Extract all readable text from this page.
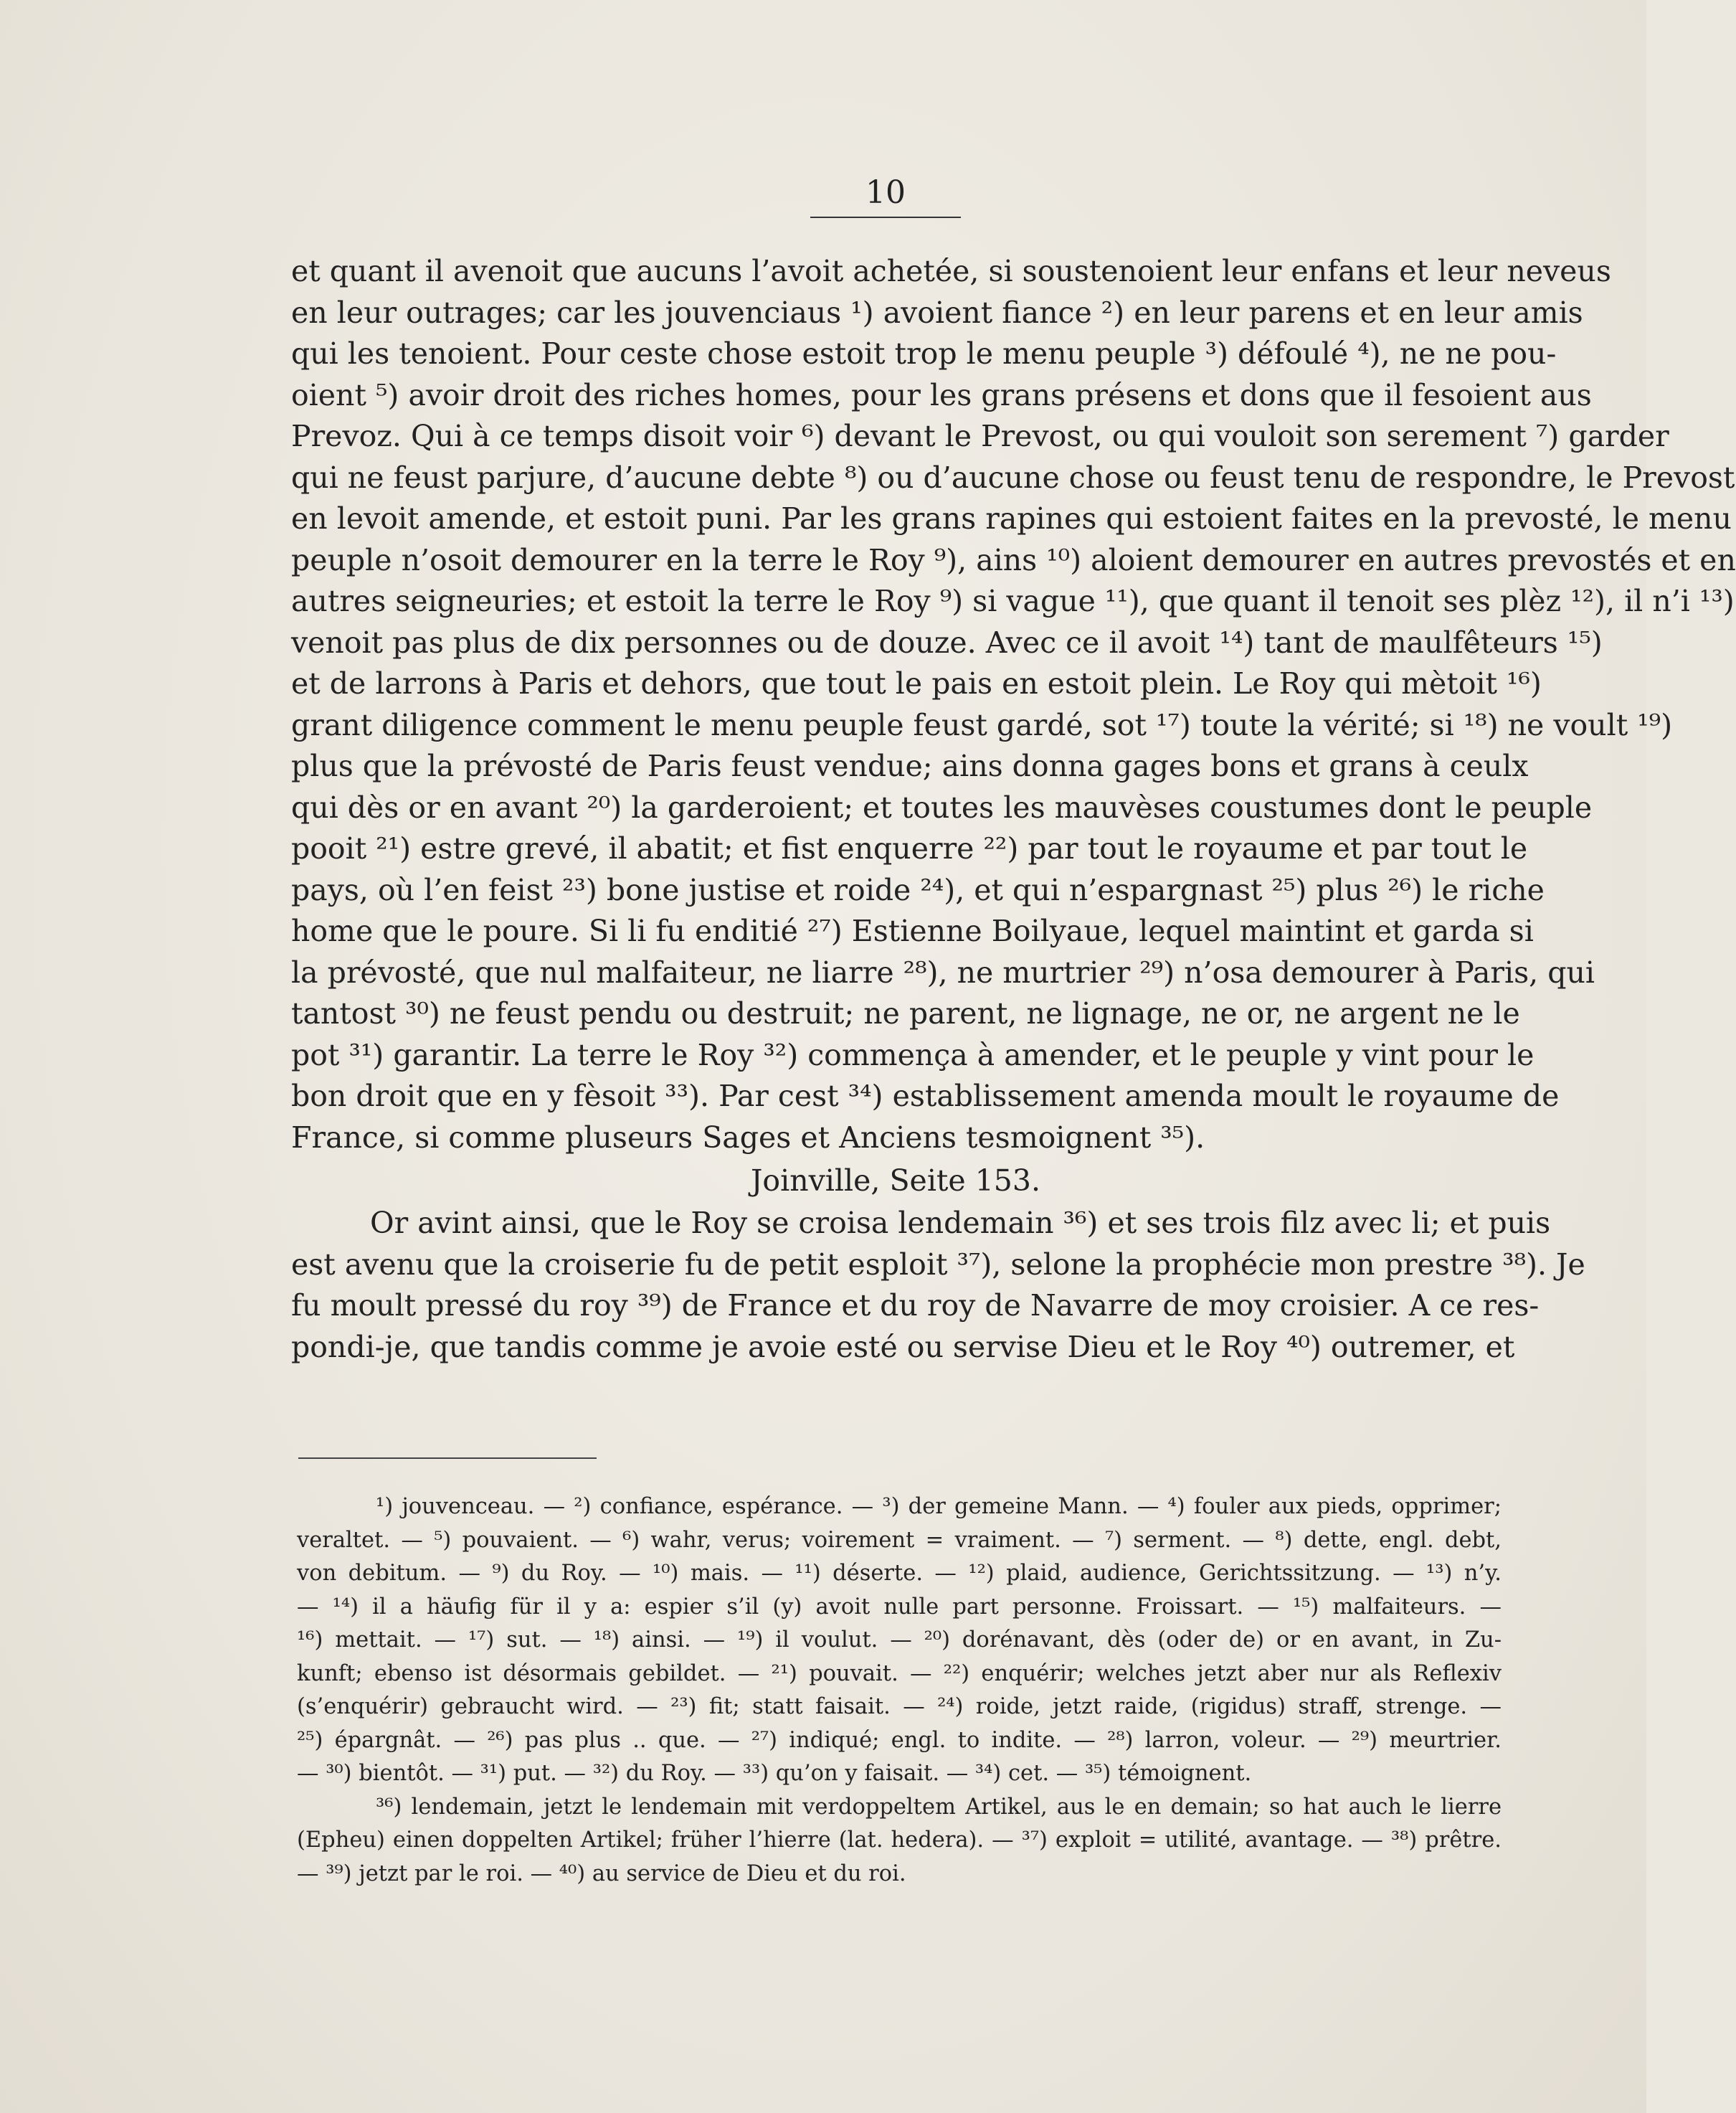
10
et quant il avenoit que aucuns l’avoit achetée, si soustenoient leur enfans et leur neveus
en leur outrages; car les jouvenciaus ¹) avoient fiance ²) en leur parens et en leur amis
qui les tenoient. Pour ceste chose estoit trop le menu peuple ³) défoulé ⁴), ne ne pou-
oient ⁵) avoir droit des riches homes, pour les grans présens et dons que il fesoient aus
Prevoz. Qui à ce temps disoit voir ⁶) devant le Prevost, ou qui vouloit son serement ⁷) garder
qui ne feust parjure, d’aucune debte ⁸) ou d’aucune chose ou feust tenu de respondre, le Prevost
en levoit amende, et estoit puni. Par les grans rapines qui estoient faites en la prevosté, le menu
peuple n’osoit demourer en la terre le Roy ⁹), ains ¹⁰) aloient demourer en autres prevostés et en
autres seigneuries; et estoit la terre le Roy ⁹) si vague ¹¹), que quant il tenoit ses plèz ¹²), il n’i ¹³)
venoit pas plus de dix personnes ou de douze. Avec ce il avoit ¹⁴) tant de maulfêteurs ¹⁵)
et de larrons à Paris et dehors, que tout le pais en estoit plein. Le Roy qui mètoit ¹⁶)
grant diligence comment le menu peuple feust gardé, sot ¹⁷) toute la vérité; si ¹⁸) ne voult ¹⁹)
plus que la prévosté de Paris feust vendue; ains donna gages bons et grans à ceulx
qui dès or en avant ²⁰) la garderoient; et toutes les mauvèses coustumes dont le peuple
pooit ²¹) estre grevé, il abatit; et fist enquerre ²²) par tout le royaume et par tout le
pays, où l’en feist ²³) bone justise et roide ²⁴), et qui n’espargnast ²⁵) plus ²⁶) le riche
home que le poure. Si li fu enditié ²⁷) Estienne Boilyaue, lequel maintint et garda si
la prévosté, que nul malfaiteur, ne liarre ²⁸), ne murtrier ²⁹) n’osa demourer à Paris, qui
tantost ³⁰) ne feust pendu ou destruit; ne parent, ne lignage, ne or, ne argent ne le
pot ³¹) garantir. La terre le Roy ³²) commença à amender, et le peuple y vint pour le
bon droit que en y fèsoit ³³). Par cest ³⁴) establissement amenda moult le royaume de
France, si comme pluseurs Sages et Anciens tesmoignent ³⁵).
Joinville, Seite 153.
Or avint ainsi, que le Roy se croisa lendemain ³⁶) et ses trois filz avec li; et puis
est avenu que la croiserie fu de petit esploit ³⁷), selone la prophécie mon prestre ³⁸). Je
fu moult pressé du roy ³⁹) de France et du roy de Navarre de moy croisier. A ce res-
pondi-je, que tandis comme je avoie esté ou servise Dieu et le Roy ⁴⁰) outremer, et
¹) jouvenceau. — ²) confiance, espérance. — ³) der gemeine Mann. — ⁴) fouler aux pieds, opprimer;
veraltet. — ⁵) pouvaient. — ⁶) wahr, verus; voirement = vraiment. — ⁷) serment. — ⁸) dette, engl. debt,
von debitum. — ⁹) du Roy. — ¹⁰) mais. — ¹¹) déserte. — ¹²) plaid, audience, Gerichtssitzung. — ¹³) n’y.
— ¹⁴) il a häufig für il y a: espier s’il (y) avoit nulle part personne. Froissart. — ¹⁵) malfaiteurs. —
¹⁶) mettait. — ¹⁷) sut. — ¹⁸) ainsi. — ¹⁹) il voulut. — ²⁰) dorénavant, dès (oder de) or en avant, in Zu-
kunft; ebenso ist désormais gebildet. — ²¹) pouvait. — ²²) enquérir; welches jetzt aber nur als Reflexiv
(s’enquérir) gebraucht wird. — ²³) fit; statt faisait. — ²⁴) roide, jetzt raide, (rigidus) straff, strenge. —
²⁵) épargnât. — ²⁶) pas plus .. que. — ²⁷) indiqué; engl. to indite. — ²⁸) larron, voleur. — ²⁹) meurtrier.
— ³⁰) bientôt. — ³¹) put. — ³²) du Roy. — ³³) qu’on y faisait. — ³⁴) cet. — ³⁵) témoignent.
³⁶) lendemain, jetzt le lendemain mit verdoppeltem Artikel, aus le en demain; so hat auch le lierre
(Epheu) einen doppelten Artikel; früher l’hierre (lat. hedera). — ³⁷) exploit = utilité, avantage. — ³⁸) prêtre.
— ³⁹) jetzt par le roi. — ⁴⁰) au service de Dieu et du roi.
